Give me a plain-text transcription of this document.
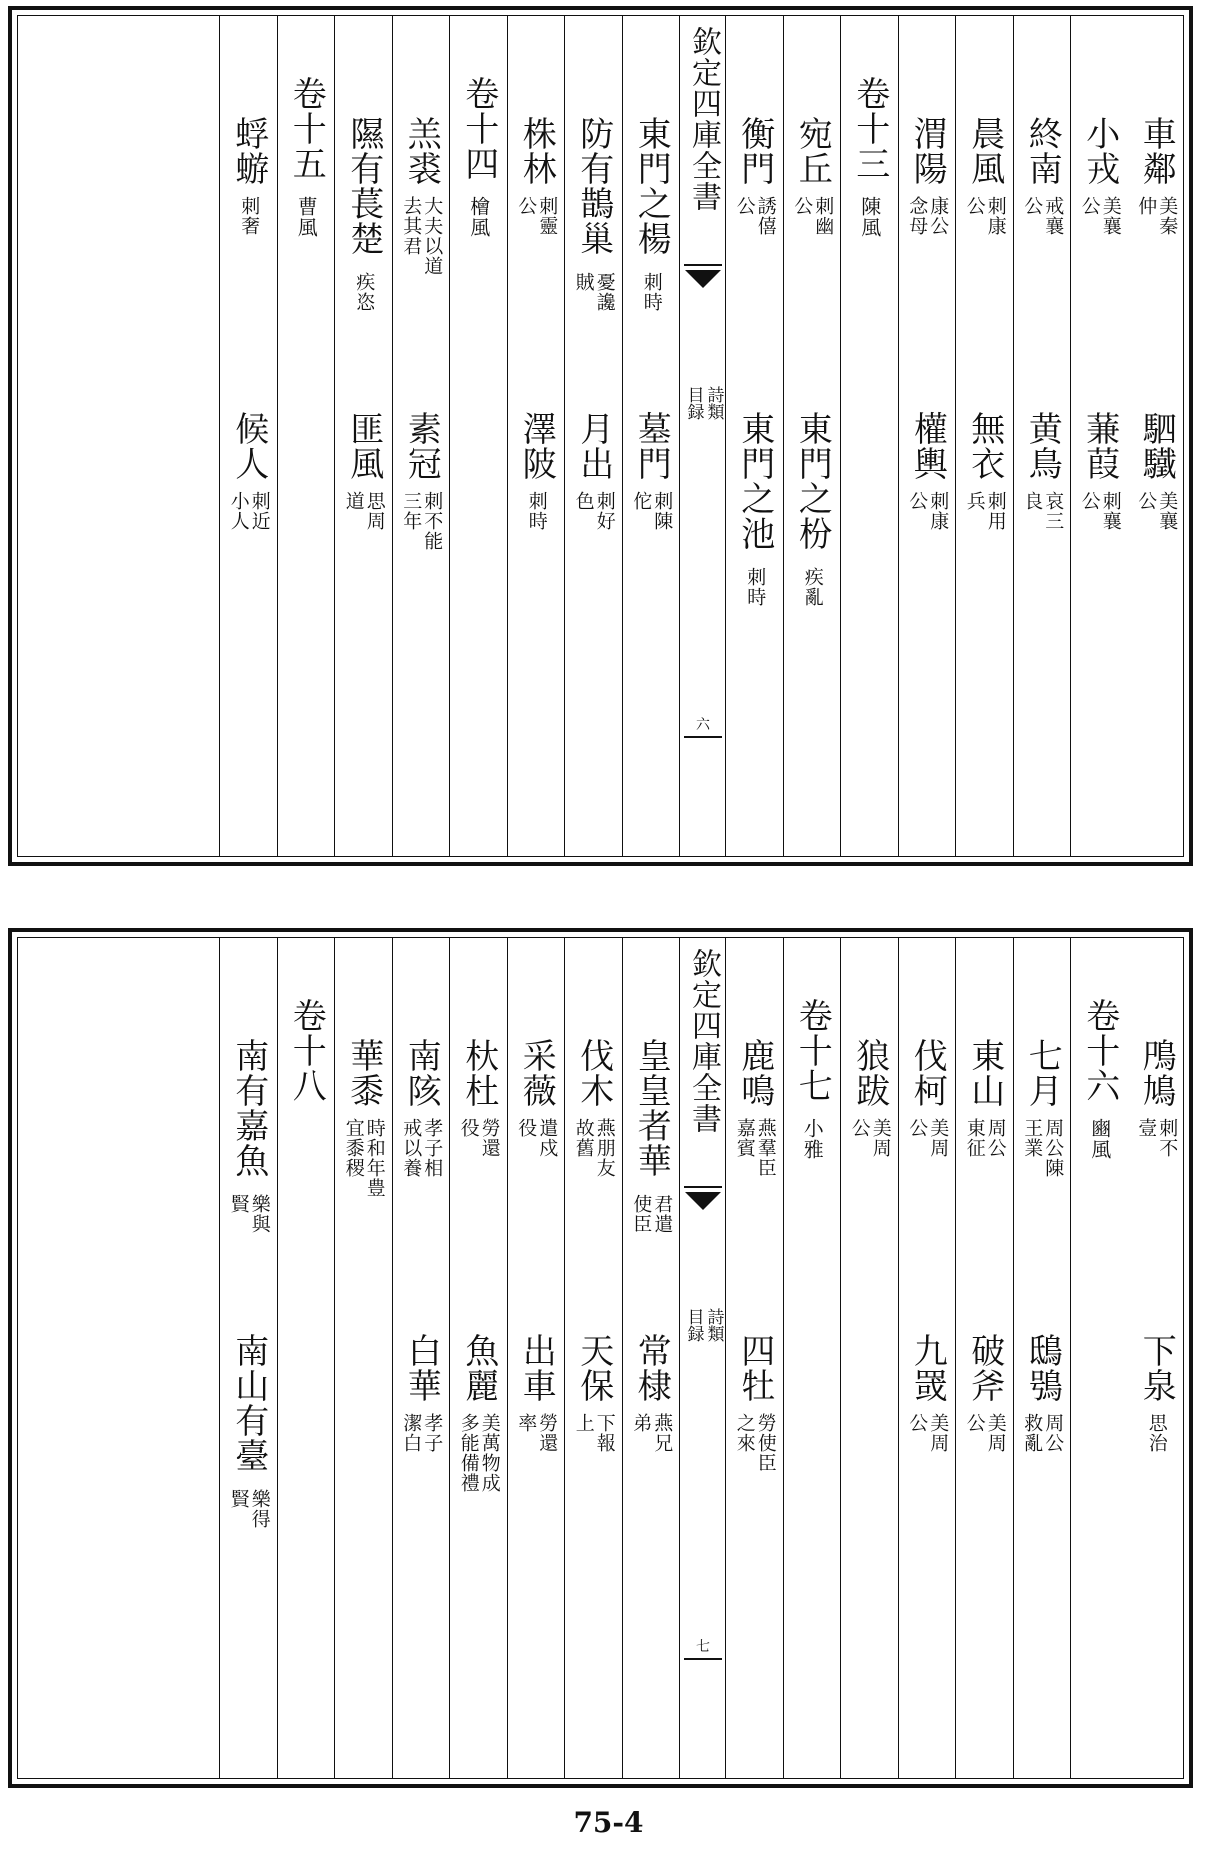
車鄰
美秦
仲
駟驖
美襄
公
小戎
美襄
公
蒹葭
刺襄
公
終南
戒襄
公
黄鳥
哀三
良
晨風
刺康
公
無衣
刺用
兵
渭陽
康公
念母
權輿
刺康
公
卷十三
陳風
宛丘
刺幽
公
東門之枌
疾亂
衡門
誘僖
公
東門之池
刺時
欽定四庫全書
詩類
目録
六
東門之楊
刺時
墓門
刺陳
佗
防有鵲巢
憂讒
賊
月出
刺好
色
株林
刺靈
公
澤陂
刺時
卷十四
檜風
羔裘
大夫以道
去其君
素冠
刺不能
三年
隰有萇楚
疾恣
匪風
思周
道
卷十五
曹風
蜉蝣
刺奢
候人
刺近
小人
鳲鳩
刺不
壹
下泉
思治
卷十六
豳風
七月
周公陳
王業
鴟鴞
周公
救亂
東山
周公
東征
破斧
美周
公
伐柯
美周
公
九罭
美周
公
狼跋
美周
公
卷十七
小雅
鹿鳴
燕羣臣
嘉賓
四牡
勞使臣
之來
欽定四庫全書
詩類
目録
七
皇皇者華
君遣
使臣
常棣
燕兄
弟
伐木
燕朋友
故舊
天保
下報
上
采薇
遣戍
役
出車
勞還
率
杕杜
勞還
役
魚麗
美萬物成
多能備禮
南陔
孝子相
戒以養
白華
孝子
潔白
華黍
時和年豊
宜黍稷
卷十八
南有嘉魚
樂與
賢
南山有臺
樂得
賢
75-4
